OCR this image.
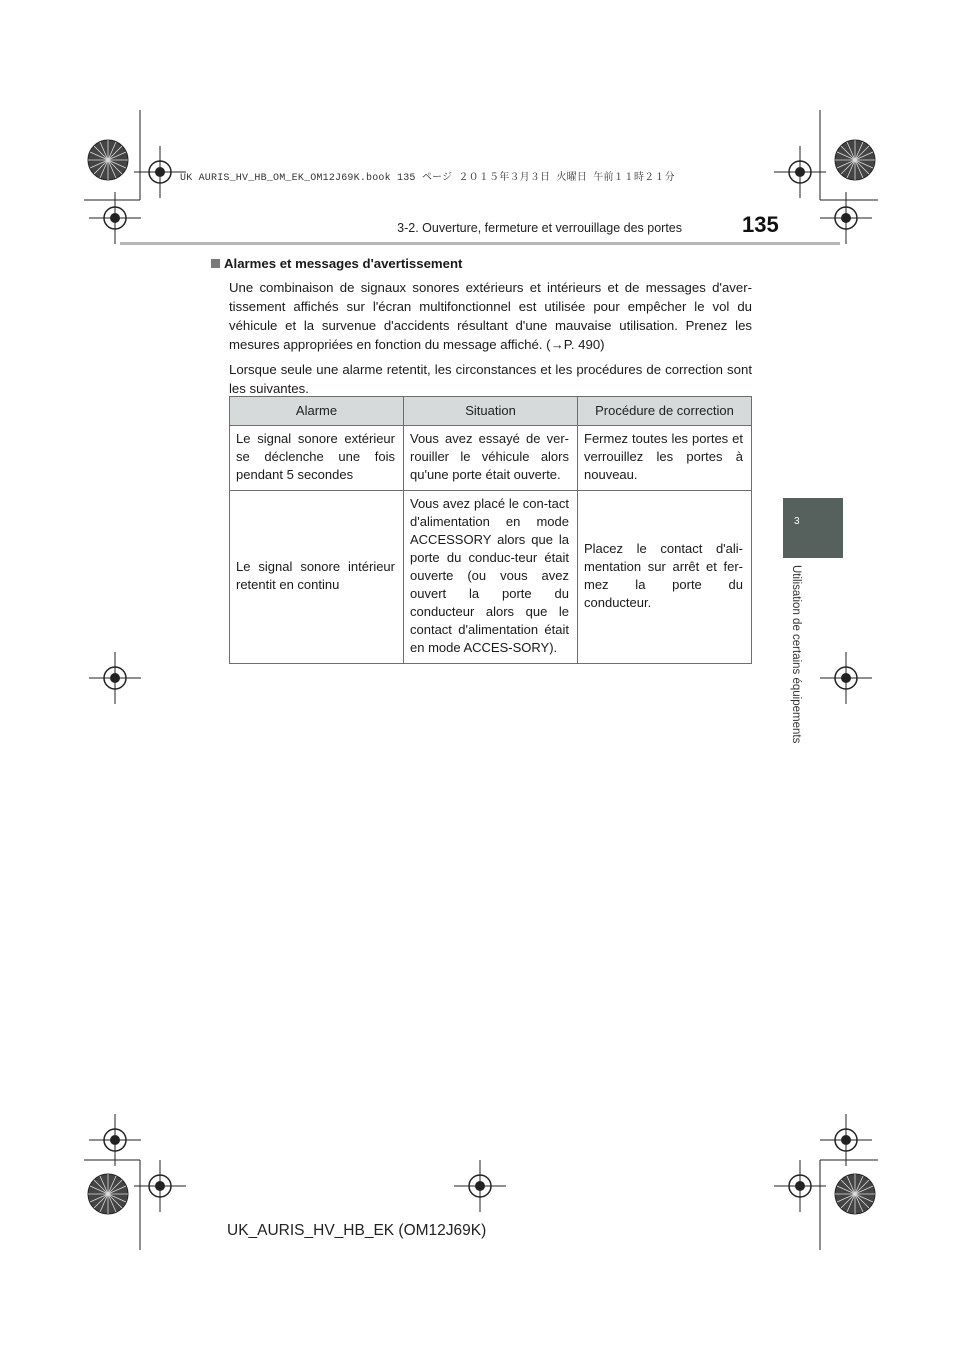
UK AURIS_HV_HB_OM_EK_OM12J69K.book 135 ページ ２０１５年３月３日 火曜日 午前１１時２１分
3-2. Ouverture, fermeture et verrouillage des portes	135
3
Utilisation de certains équipements

Alarmes et messages d'avertissement

Une combinaison de signaux sonores extérieurs et intérieurs et de messages d'aver-tissement affichés sur l'écran multifonctionnel est utilisée pour empêcher le vol du véhicule et la survenue d'accidents résultant d'une mauvaise utilisation. Prenez les mesures appropriées en fonction du message affiché. (→P. 490)

Lorsque seule une alarme retentit, les circonstances et les procédures de correction sont les suivantes.

Alarme	Situation	Procédure de correction
Le signal sonore extérieur se déclenche une fois pendant 5 secondes	Vous avez essayé de ver-rouiller le véhicule alors qu'une porte était ouverte.	Fermez toutes les portes et verrouillez les portes à nouveau.
Le signal sonore intérieur retentit en continu	Vous avez placé le con-tact d'alimentation en mode ACCESSORY alors que la porte du conduc-teur était ouverte (ou vous avez ouvert la porte du conducteur alors que le contact d'alimentation était en mode ACCES-SORY).	Placez le contact d'ali-mentation sur arrêt et fer-mez la porte du conducteur.
UK_AURIS_HV_HB_EK (OM12J69K)
